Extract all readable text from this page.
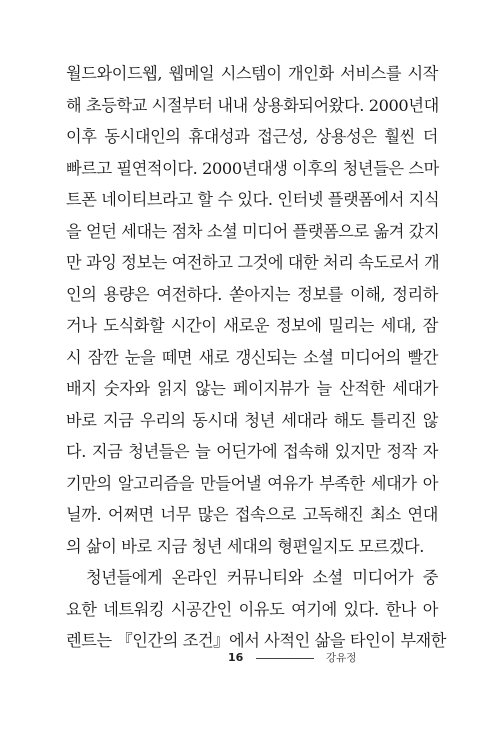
월드와이드웹, 웹메일 시스템이 개인화 서비스를 시작
해 초등학교 시절부터 내내 상용화되어왔다. 2000년대
이후 동시대인의 휴대성과 접근성, 상용성은 훨씬 더
빠르고 필연적이다. 2000년대생 이후의 청년들은 스마
트폰 네이티브라고 할 수 있다. 인터넷 플랫폼에서 지식
을 얻던 세대는 점차 소셜 미디어 플랫폼으로 옮겨 갔지
만 과잉 정보는 여전하고 그것에 대한 처리 속도로서 개
인의 용량은 여전하다. 쏟아지는 정보를 이해, 정리하
거나 도식화할 시간이 새로운 정보에 밀리는 세대, 잠
시 잠깐 눈을 떼면 새로 갱신되는 소셜 미디어의 빨간
배지 숫자와 읽지 않는 페이지뷰가 늘 산적한 세대가
바로 지금 우리의 동시대 청년 세대라 해도 틀리진 않
다. 지금 청년들은 늘 어딘가에 접속해 있지만 정작 자
기만의 알고리즘을 만들어낼 여유가 부족한 세대가 아
닐까. 어쩌면 너무 많은 접속으로 고독해진 최소 연대
의 삶이 바로 지금 청년 세대의 형편일지도 모르겠다.
청년들에게 온라인 커뮤니티와 소셜 미디어가 중
요한 네트워킹 시공간인 이유도 여기에 있다. 한나 아
렌트는 『인간의 조건』에서 사적인 삶을 타인이 부재한
16	강유정
